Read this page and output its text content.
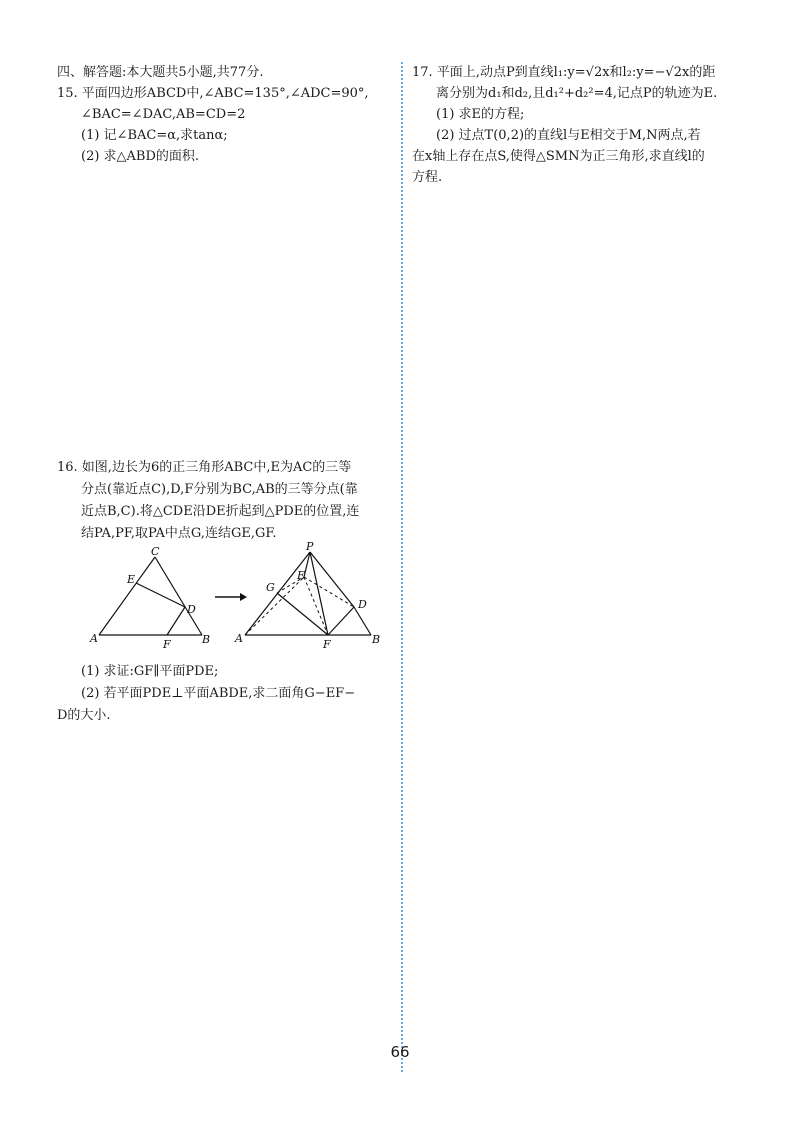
四、解答题:本大题共5小题,共77分.
15. 平面四边形ABCD中,∠ABC=135°,∠ADC=90°,
∠BAC=∠DAC,AB=CD=2
(1) 记∠BAC=α,求tanα;
(2) 求△ABD的面积.
16. 如图,边长为6的正三角形ABC中,E为AC的三等
分点(靠近点C),D,F分别为BC,AB的三等分点(靠
近点B,C).将△CDE沿DE折起到△PDE的位置,连
结PA,PF,取PA中点G,连结GE,GF.
C
E
D
A	F	B
P
G
E
D
A	F	B
(1) 求证:GF∥平面PDE;
(2) 若平面PDE⊥平面ABDE,求二面角G−EF−
D的大小.
17. 平面上,动点P到直线l₁:y=√2x和l₂:y=−√2x的距
离分别为d₁和d₂,且d₁²+d₂²=4,记点P的轨迹为E.
(1) 求E的方程;
(2) 过点T(0,2)的直线l与E相交于M,N两点,若
在x轴上存在点S,使得△SMN为正三角形,求直线l的
方程.
66
